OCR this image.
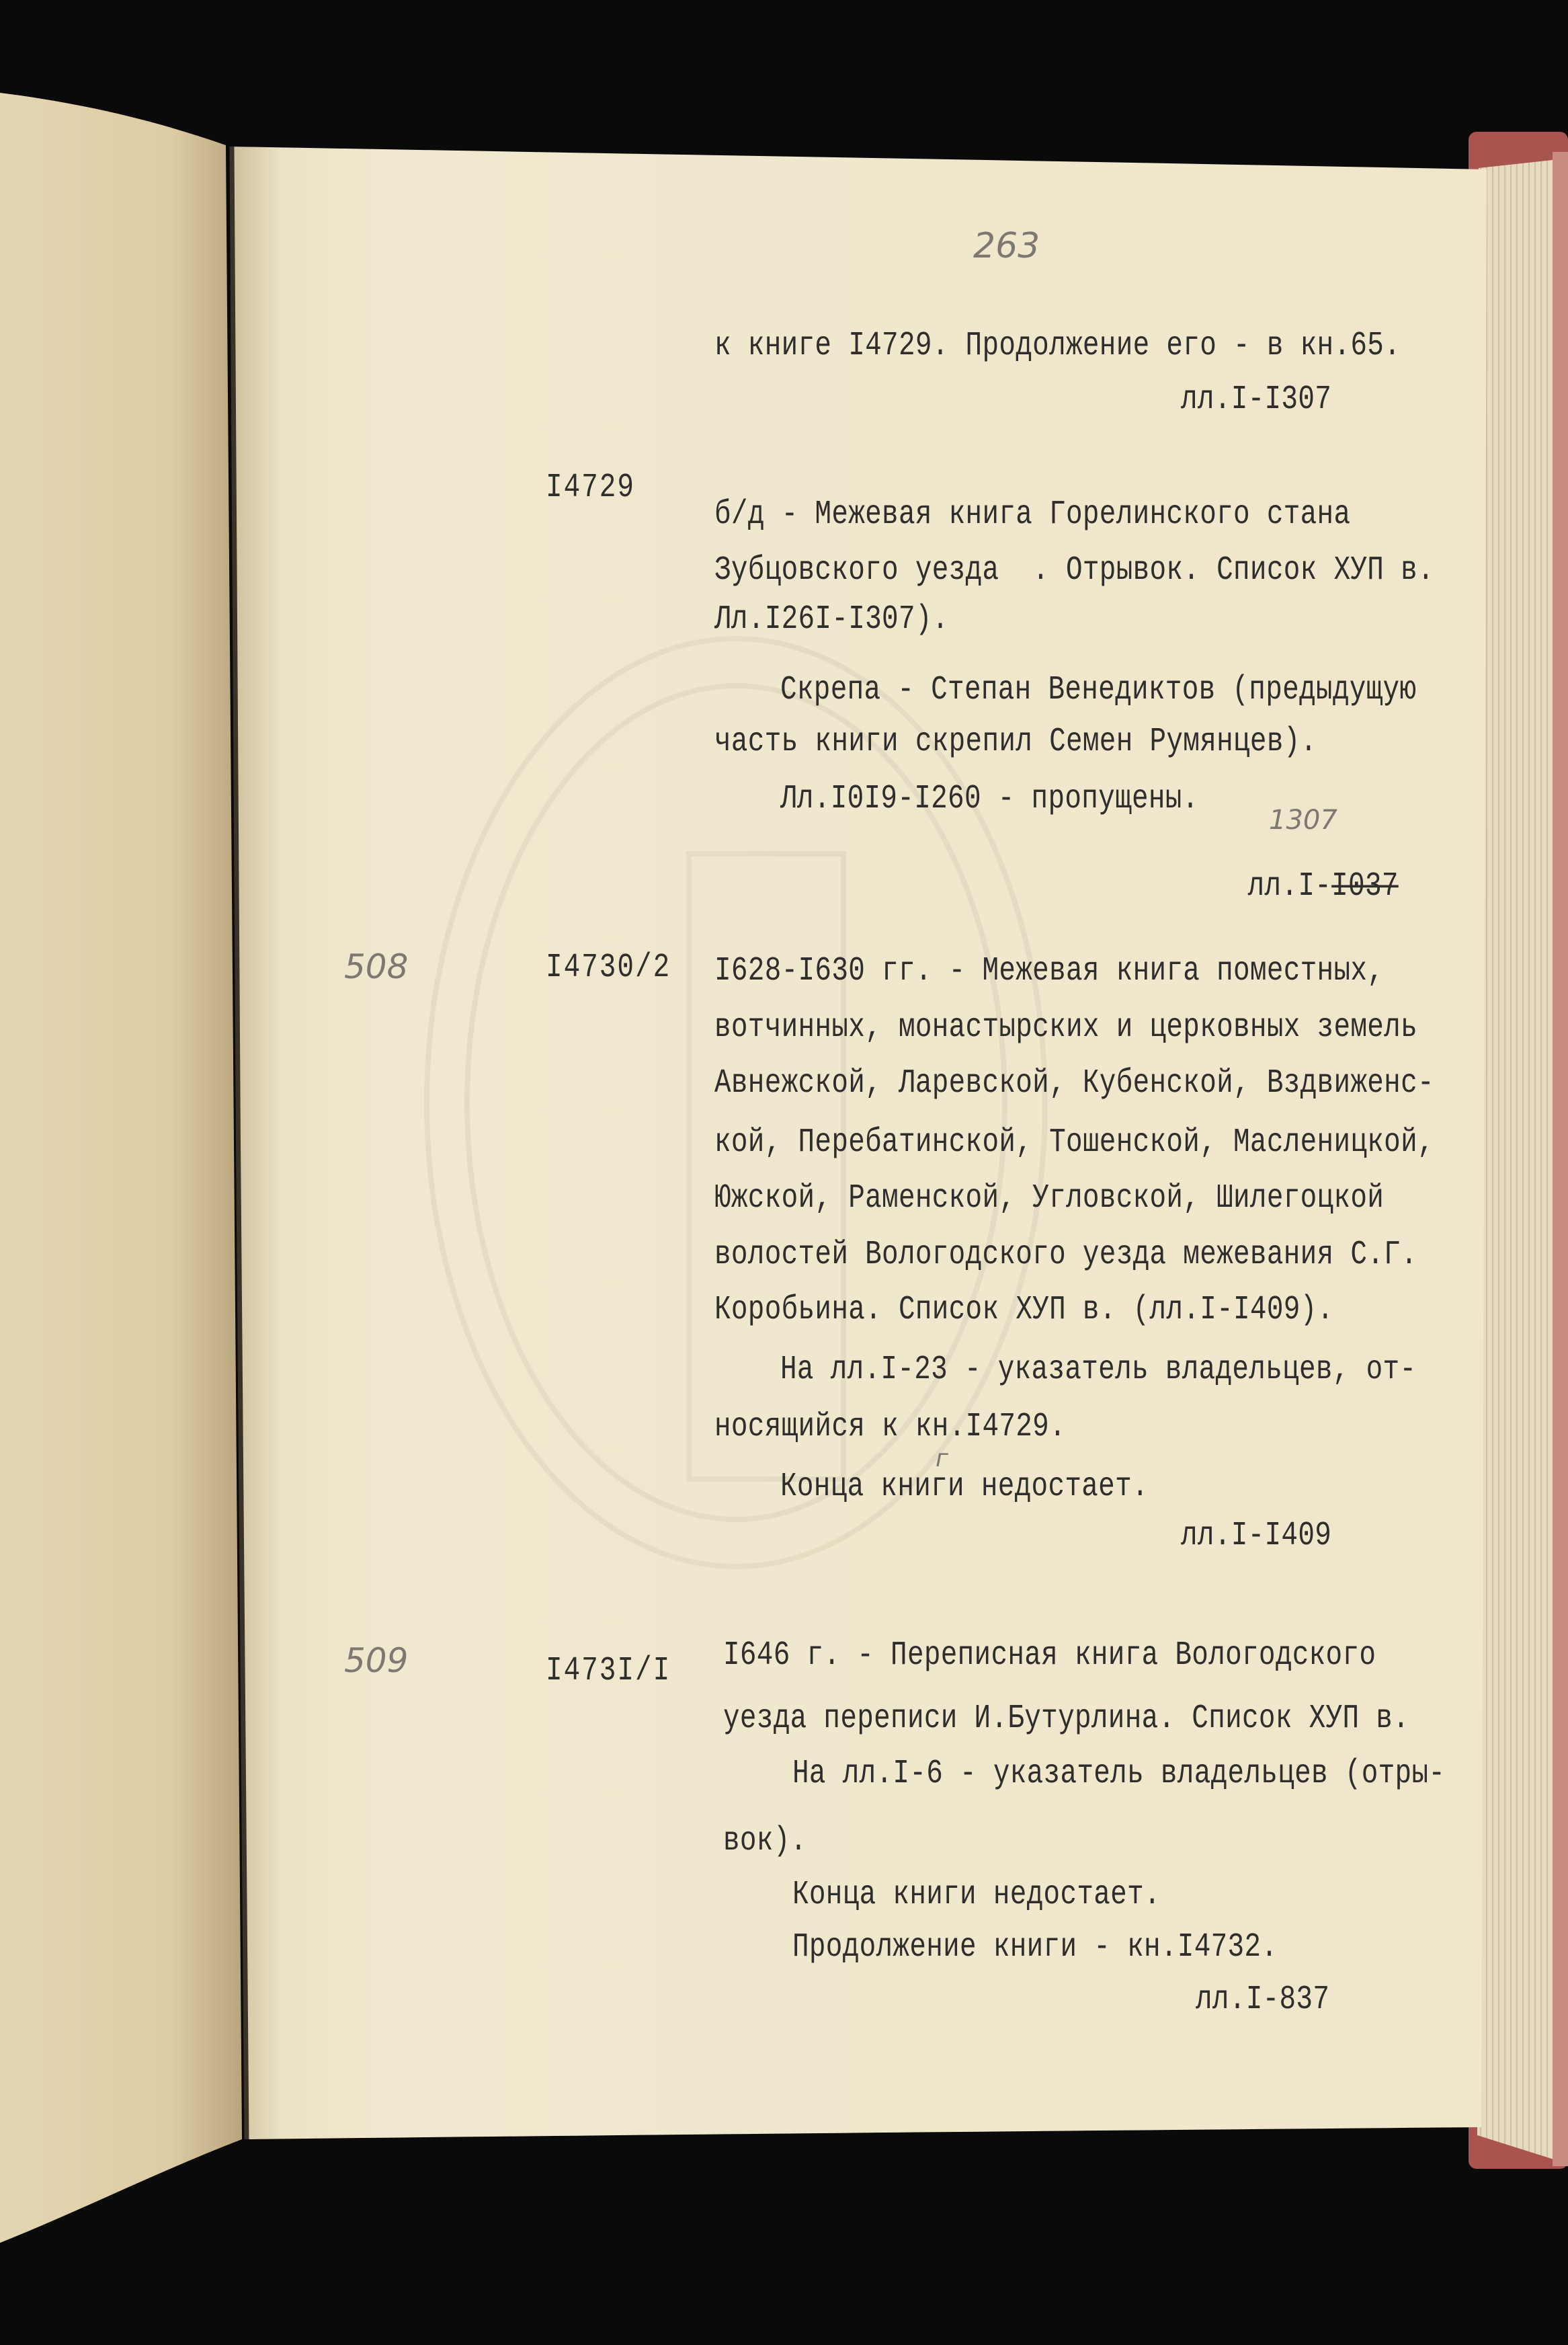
263
к книге I4729. Продолжение его - в кн.65.
лл.I-I307
I4729
б/д - Межевая книга Горелинского стана
Зубцовского уезда  . Отрывок. Список ХУП в.
Лл.I26I-I307).
Скрепа - Степан Венедиктов (предыдущую
часть книги скрепил Семен Румянцев).
Лл.I0I9-I260 - пропущены.
1307

лл.I-I037

508	I4730/2 I628-I630 гг. - Межевая книга поместных,
вотчинных, монастырских и церковных земель
Авнежской, Ларевской, Кубенской, Вздвиженс-
кой, Перебатинской, Тошенской, Масленицкой,
Южской, Раменской, Угловской, Шилегоцкой
волостей Вологодского уезда межевания С.Г.
Коробьина. Список ХУП в. (лл.I-I409).
На лл.I-23 - указатель владельцев, от-
носящийся к кн.I4729.
г
Конца книги недостает.
лл.I-I409
509	I473I/I I646 г. - Переписная книга Вологодского
уезда переписи И.Бутурлина. Список ХУП в.
На лл.I-6 - указатель владельцев (отры-
вок).
Конца книги недостает.
Продолжение книги - кн.I4732.
лл.I-837
